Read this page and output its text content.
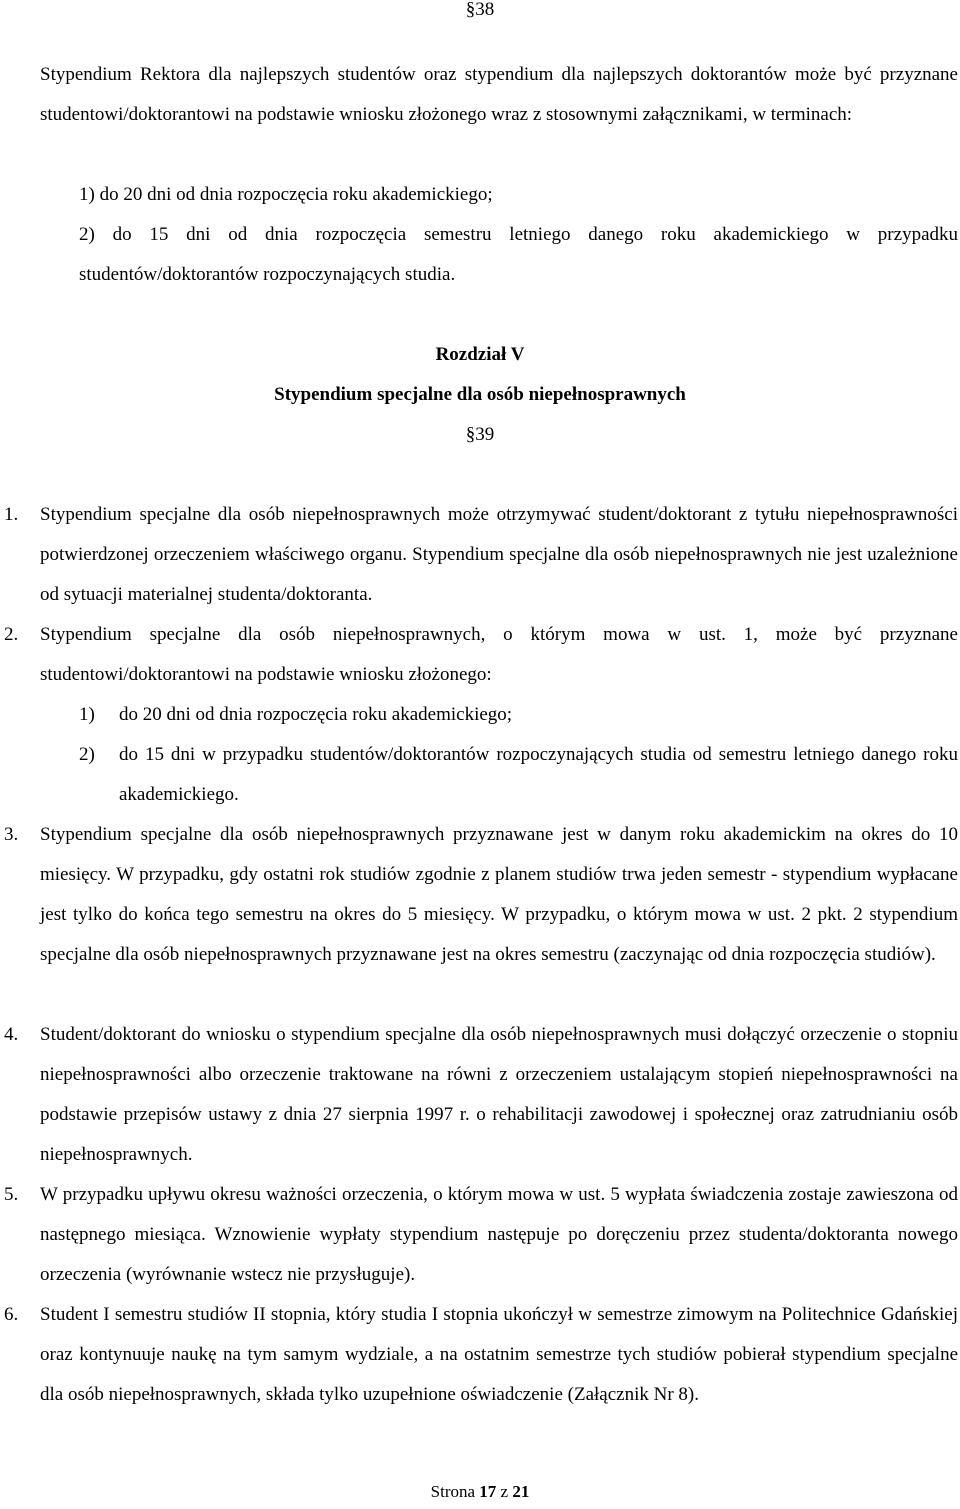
§38
Stypendium Rektora dla najlepszych studentów oraz stypendium dla najlepszych doktorantów może być przyznane studentowi/doktorantowi na podstawie wniosku złożonego wraz z stosownymi załącznikami, w terminach:
1) do 20 dni od dnia rozpoczęcia roku akademickiego;
2) do 15 dni od dnia rozpoczęcia semestru letniego danego roku akademickiego w przypadku studentów/doktorantów rozpoczynających studia.
Rozdział V
Stypendium specjalne dla osób niepełnosprawnych
§39
1.	Stypendium specjalne dla osób niepełnosprawnych może otrzymywać student/doktorant z tytułu niepełnosprawności potwierdzonej orzeczeniem właściwego organu. Stypendium specjalne dla osób niepełnosprawnych nie jest uzależnione od sytuacji materialnej studenta/doktoranta.
2.	Stypendium specjalne dla osób niepełnosprawnych, o którym mowa w ust. 1, może być przyznane studentowi/doktorantowi na podstawie wniosku złożonego:
1) do 20 dni od dnia rozpoczęcia roku akademickiego;
2)	do 15 dni w przypadku studentów/doktorantów rozpoczynających studia od semestru letniego danego roku akademickiego.
3.	Stypendium specjalne dla osób niepełnosprawnych przyznawane jest w danym roku akademickim na okres do 10 miesięcy. W przypadku, gdy ostatni rok studiów zgodnie z planem studiów trwa jeden semestr - stypendium wypłacane jest tylko do końca tego semestru na okres do 5 miesięcy. W przypadku, o którym mowa w ust. 2 pkt. 2 stypendium specjalne dla osób niepełnosprawnych przyznawane jest na okres semestru (zaczynając od dnia rozpoczęcia studiów).
4.	Student/doktorant do wniosku o stypendium specjalne dla osób niepełnosprawnych musi dołączyć orzeczenie o stopniu niepełnosprawności albo orzeczenie traktowane na równi z orzeczeniem ustalającym stopień niepełnosprawności na podstawie przepisów ustawy z dnia 27 sierpnia 1997 r. o rehabilitacji zawodowej i społecznej oraz zatrudnianiu osób niepełnosprawnych.
5.	W przypadku upływu okresu ważności orzeczenia, o którym mowa w ust. 5 wypłata świadczenia zostaje zawieszona od następnego miesiąca. Wznowienie wypłaty stypendium następuje po doręczeniu przez studenta/doktoranta nowego orzeczenia (wyrównanie wstecz nie przysługuje).
6.	Student I semestru studiów II stopnia, który studia I stopnia ukończył w semestrze zimowym na Politechnice Gdańskiej oraz kontynuuje naukę na tym samym wydziale, a na ostatnim semestrze tych studiów pobierał stypendium specjalne dla osób niepełnosprawnych, składa tylko uzupełnione oświadczenie (Załącznik Nr 8).
Strona 17 z 21
